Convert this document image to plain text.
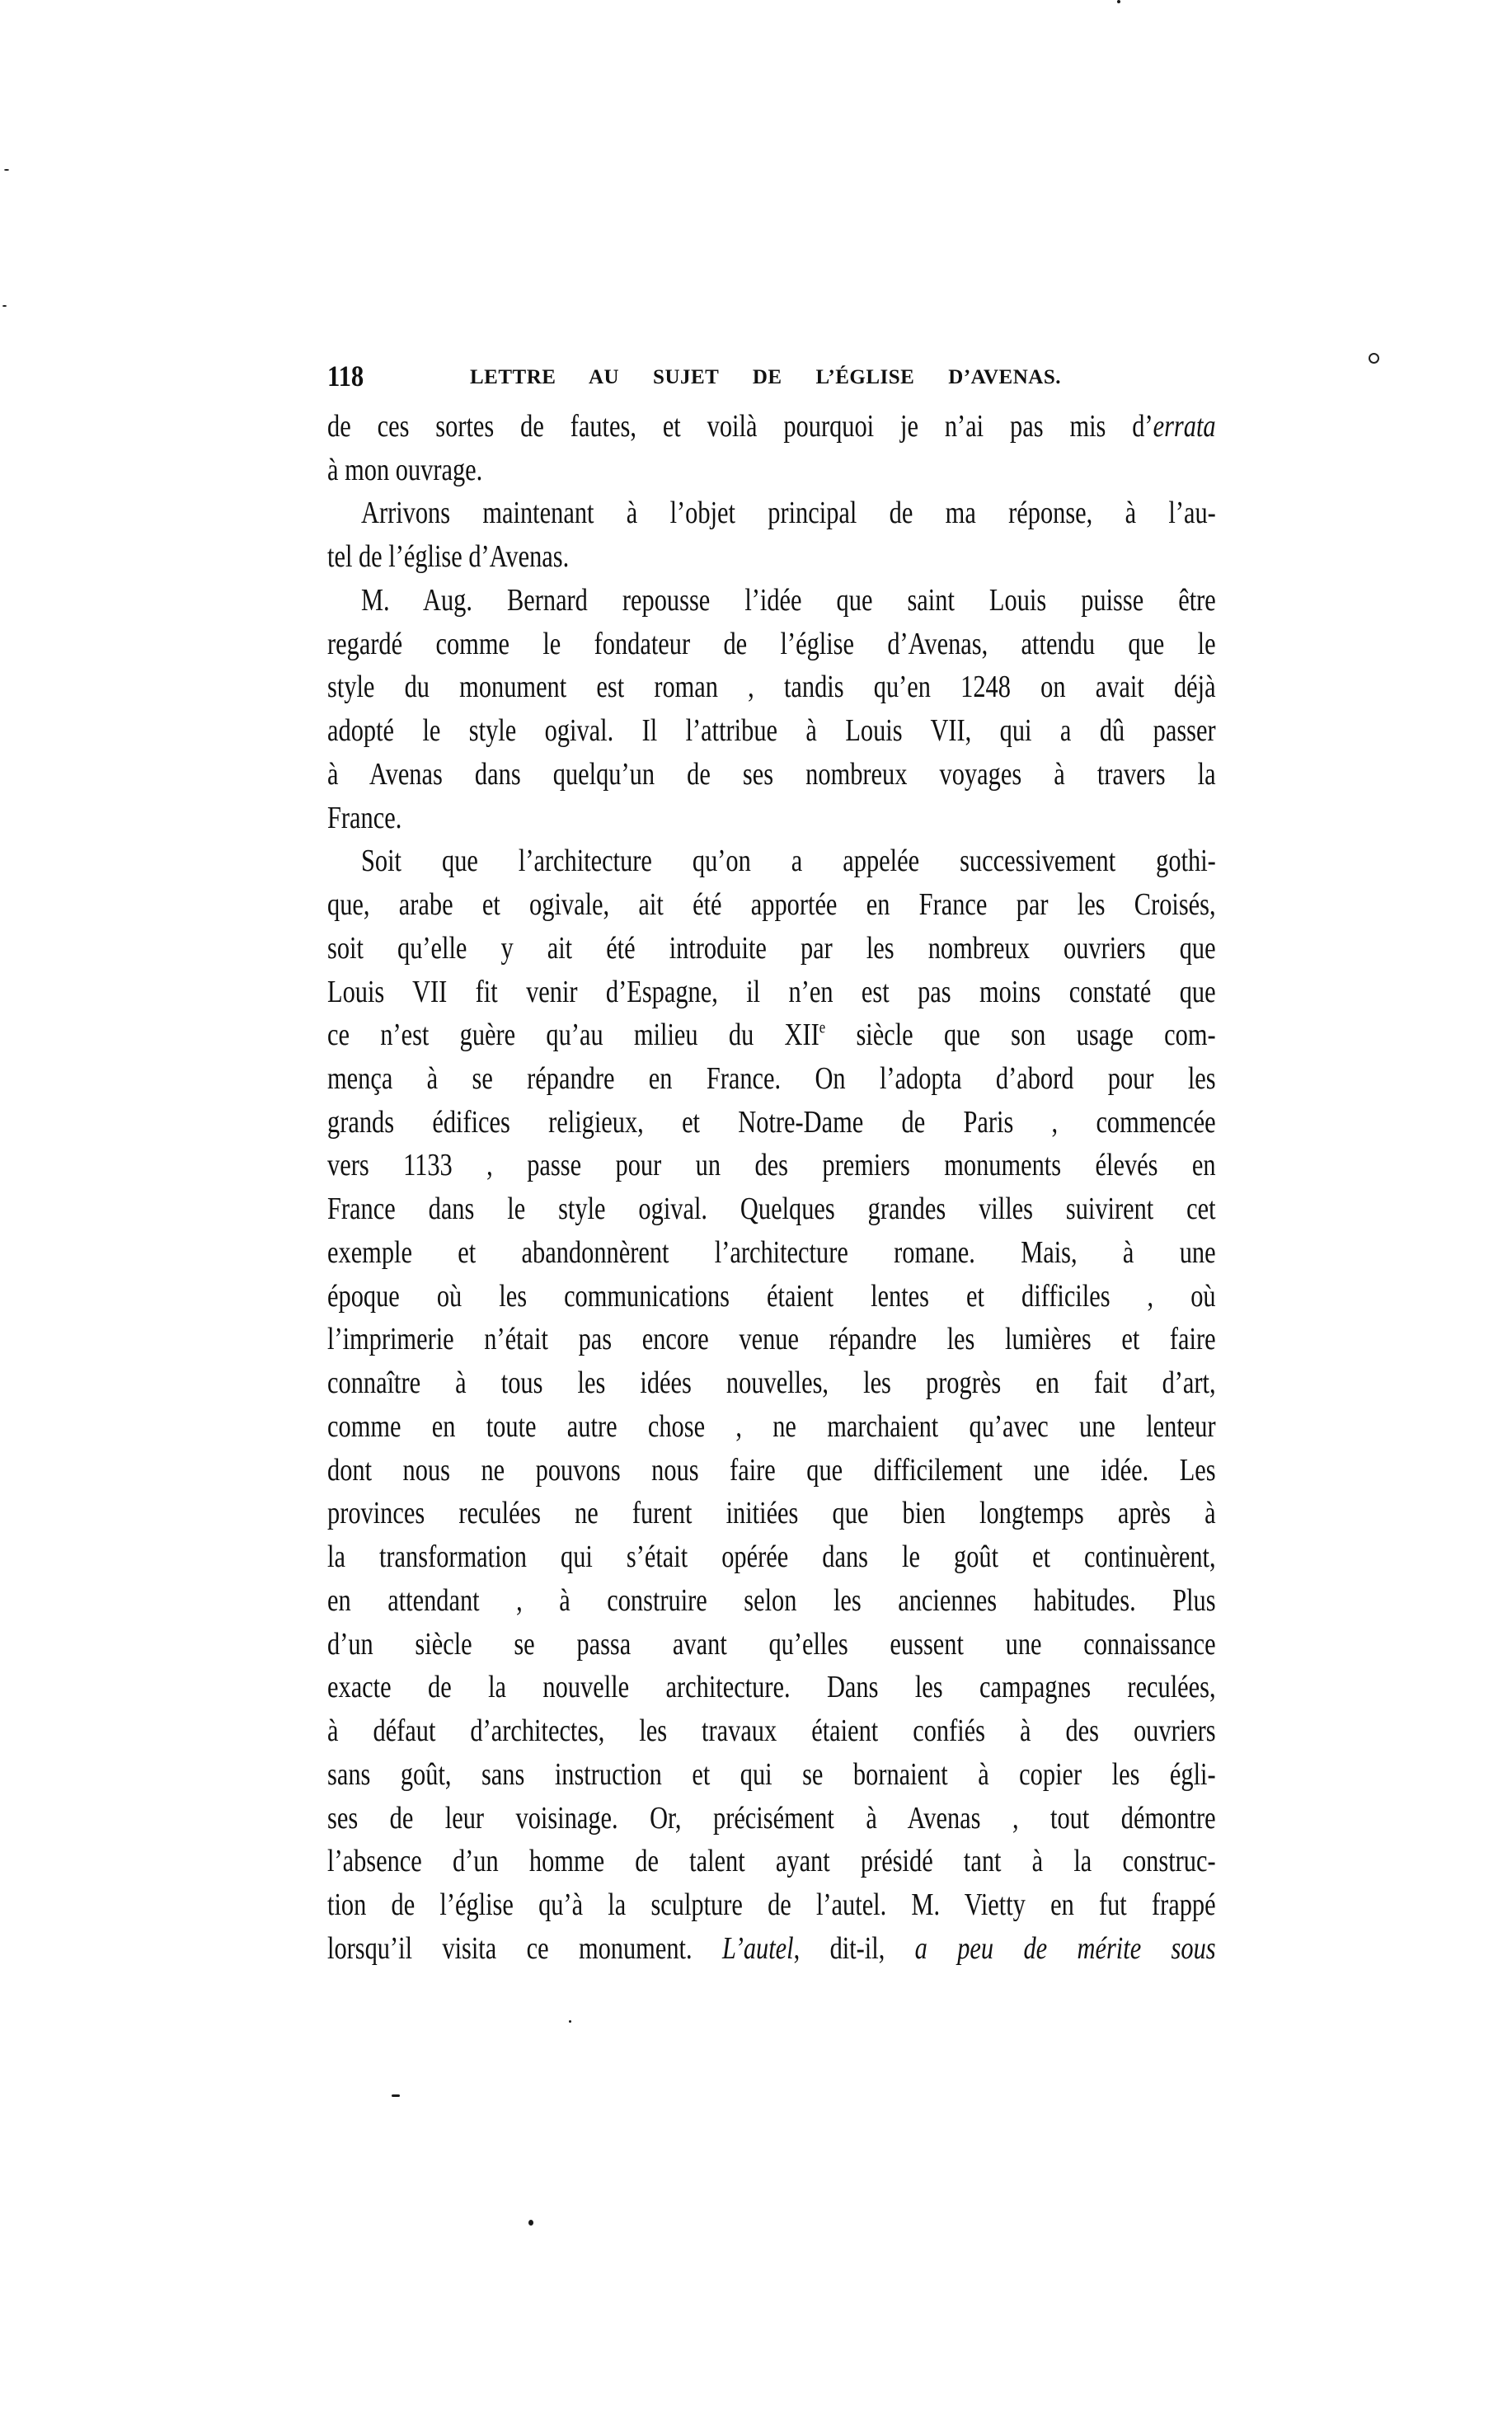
118	LETTRE AU SUJET DE L’ÉGLISE D’AVENAS.
de ces sortes de fautes, et voilà pourquoi je n’ai pas mis d’errata
à mon ouvrage.
Arrivons maintenant à l’objet principal de ma réponse, à l’au-
tel de l’église d’Avenas.
M. Aug. Bernard repousse l’idée que saint Louis puisse être
regardé comme le fondateur de l’église d’Avenas, attendu que le
style du monument est roman , tandis qu’en 1248 on avait déjà
adopté le style ogival. Il l’attribue à Louis VII, qui a dû passer
à Avenas dans quelqu’un de ses nombreux voyages à travers la
France.
Soit que l’architecture qu’on a appelée successivement gothi-
que, arabe et ogivale, ait été apportée en France par les Croisés,
soit qu’elle y ait été introduite par les nombreux ouvriers que
Louis VII fit venir d’Espagne, il n’en est pas moins constaté que
ce n’est guère qu’au milieu du XIIe siècle que son usage com-
mença à se répandre en France. On l’adopta d’abord pour les
grands édifices religieux, et Notre-Dame de Paris , commencée
vers 1133 , passe pour un des premiers monuments élevés en
France dans le style ogival. Quelques grandes villes suivirent cet
exemple et abandonnèrent l’architecture romane. Mais, à une
époque où les communications étaient lentes et difficiles , où
l’imprimerie n’était pas encore venue répandre les lumières et faire
connaître à tous les idées nouvelles, les progrès en fait d’art,
comme en toute autre chose , ne marchaient qu’avec une lenteur
dont nous ne pouvons nous faire que difficilement une idée. Les
provinces reculées ne furent initiées que bien longtemps après à
la transformation qui s’était opérée dans le goût et continuèrent,
en attendant , à construire selon les anciennes habitudes. Plus
d’un siècle se passa avant qu’elles eussent une connaissance
exacte de la nouvelle architecture. Dans les campagnes reculées,
à défaut d’architectes, les travaux étaient confiés à des ouvriers
sans goût, sans instruction et qui se bornaient à copier les égli-
ses de leur voisinage. Or, précisément à Avenas , tout démontre
l’absence d’un homme de talent ayant présidé tant à la construc-
tion de l’église qu’à la sculpture de l’autel. M. Vietty en fut frappé
lorsqu’il visita ce monument. L’autel, dit-il, a peu de mérite sous
